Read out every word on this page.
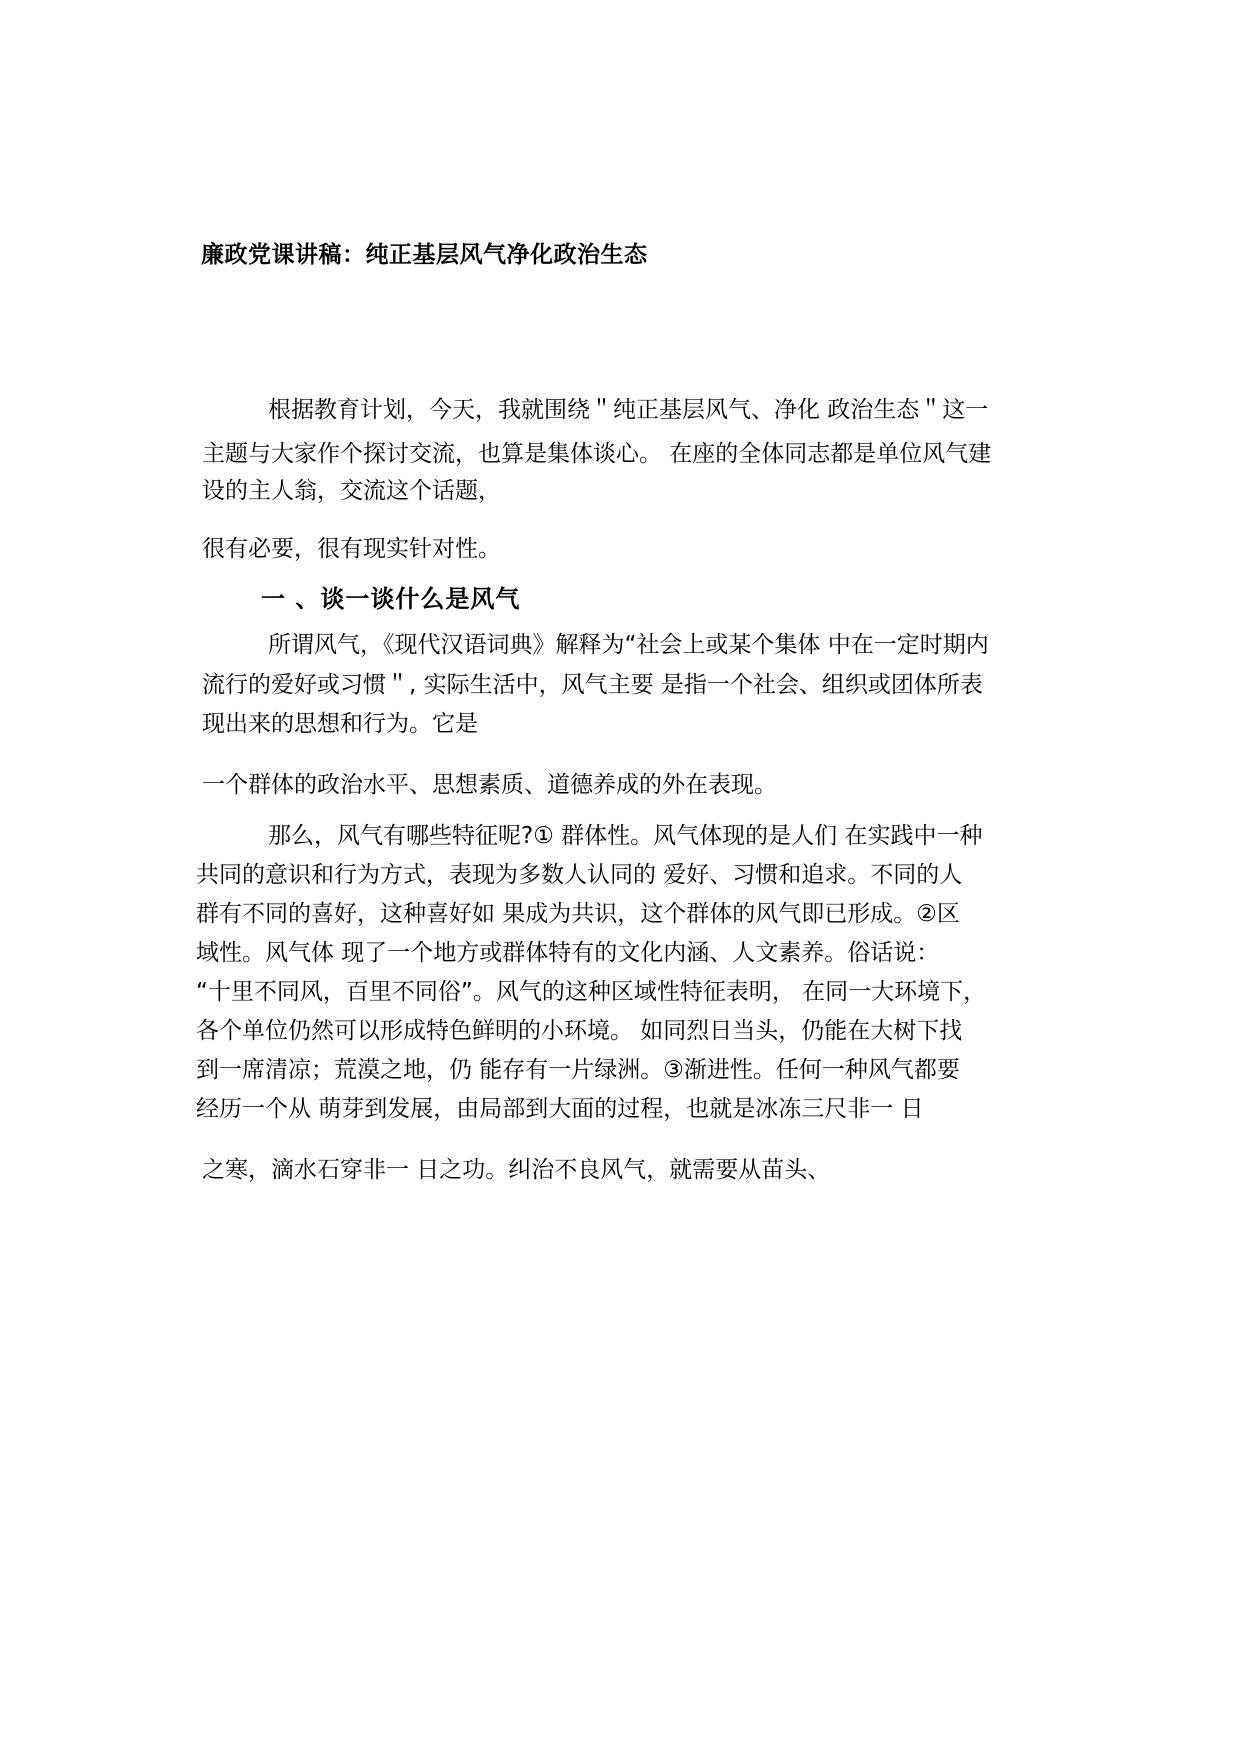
廉政党课讲稿：纯正基层风气净化政治生态
根据教育计划，今天，我就围绕＂纯正基层风气、净化 政治生态＂这一
主题与大家作个探讨交流，也算是集体谈心。 在座的全体同志都是单位风气建
设的主人翁，交流这个话题，
很有必要，很有现实针对性。
一 、谈一谈什么是风气
所谓风气，《现代汉语词典》解释为“社会上或某个集体 中在一定时期内
流行的爱好或习惯＂, 实际生活中，风气主要 是指一个社会、组织或团体所表
现出来的思想和行为。它是
一个群体的政治水平、思想素质、道德养成的外在表现。
那么，风气有哪些特征呢?① 群体性。风气体现的是人们 在实践中一种
共同的意识和行为方式，表现为多数人认同的 爱好、习惯和追求。不同的人
群有不同的喜好，这种喜好如 果成为共识，这个群体的风气即已形成。②区
域性。风气体 现了一个地方或群体特有的文化内涵、人文素养。俗话说：
“十里不同风，百里不同俗”。风气的这种区域性特征表明， 在同一大环境下，
各个单位仍然可以形成特色鲜明的小环境。 如同烈日当头，仍能在大树下找
到一席清凉；荒漠之地，仍 能存有一片绿洲。③渐进性。任何一种风气都要
经历一个从 萌芽到发展，由局部到大面的过程，也就是冰冻三尺非一 日
之寒，滴水石穿非一 日之功。纠治不良风气，就需要从苗头、
